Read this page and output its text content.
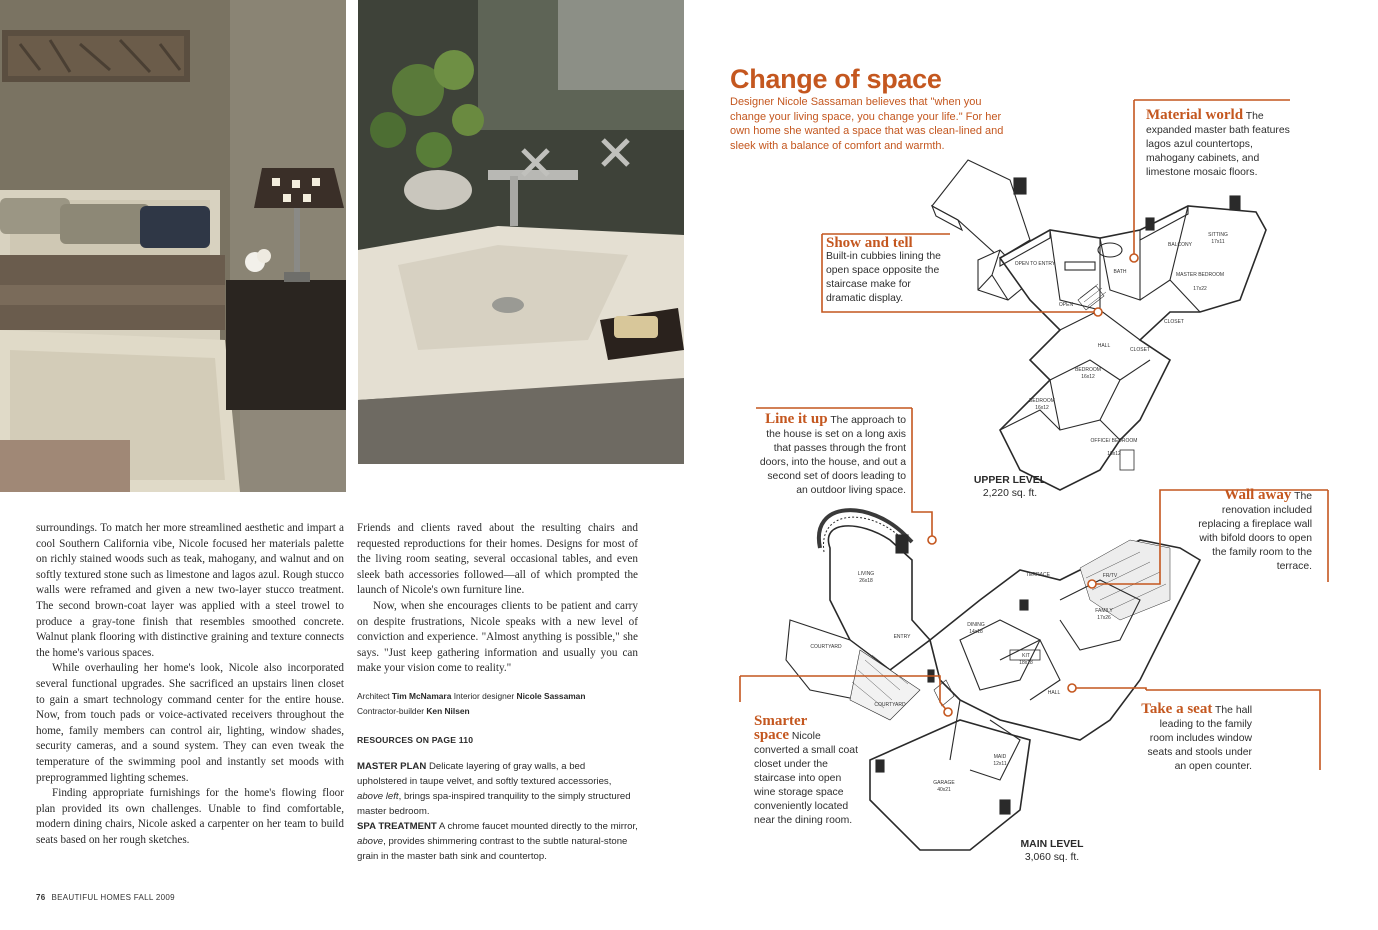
surroundings. To match her more streamlined aesthetic and impart a cool Southern California vibe, Nicole focused her materials palette on richly stained woods such as teak, mahogany, and walnut and on softly textured stone such as limestone and lagos azul. Rough stucco walls were reframed and given a new two-layer stucco treatment. The second brown-coat layer was applied with a steel trowel to produce a gray-tone finish that resembles smoothed concrete. Walnut plank flooring with distinctive graining and texture connects the home's various spaces.

While overhauling her home's look, Nicole also incorporated several functional upgrades. She sacrificed an upstairs linen closet to gain a smart technology command center for the entire house. Now, from touch pads or voice-activated receivers throughout the home, family members can control air, lighting, window shades, security cameras, and a sound system. They can even tweak the temperature of the swimming pool and instantly set moods with preprogrammed lighting schemes.

Finding appropriate furnishings for the home's flowing floor plan provided its own challenges. Unable to find comfortable, modern dining chairs, Nicole asked a carpenter on her team to build seats based on her rough sketches.

Friends and clients raved about the resulting chairs and requested reproductions for their homes. Designs for most of the living room seating, several occasional tables, and even sleek bath accessories followed—all of which prompted the launch of Nicole's own furniture line.

Now, when she encourages clients to be patient and carry on despite frustrations, Nicole speaks with a new level of conviction and experience. "Almost anything is possible," she says. "Just keep gathering information and usually you can make your vision come to reality."

Architect Tim McNamara Interior designer Nicole Sassaman
Contractor-builder Ken Nilsen
RESOURCES ON PAGE 110
MASTER PLAN Delicate layering of gray walls, a bed upholstered in taupe velvet, and softly textured accessories, above left, brings spa-inspired tranquility to the simply structured master bedroom.
SPA TREATMENT A chrome faucet mounted directly to the mirror, above, provides shimmering contrast to the subtle natural-stone grain in the master bath sink and countertop.
76 BEAUTIFUL HOMES FALL 2009
Change of space
Designer Nicole Sassaman believes that "when you change your living space, you change your life." For her own home she wanted a space that was clean-lined and sleek with a balance of comfort and warmth.
SITTING
17x11
BALCONY
BATH
OPEN TO ENTRY
MASTER BEDROOM
17x22
OPEN
CLOSET
HALL
CLOSET
BEDROOM
16x12
BEDROOM
16x12
OFFICE/ BEDROOM
16x12
LIVING
26x18
TERRACE	FR/TV
FAMILY
17x26
DINING
14x18
KIT
18x18
COURTYARD
ENTRY
HALL
COURTYARD
MAID
12x11
GARAGE
40x21
Material world The expanded master bath features lagos azul countertops, mahogany cabinets, and limestone mosaic floors.
Show and tell
Built-in cubbies lining the open space opposite the staircase make for dramatic display.
Line it up The approach to the house is set on a long axis that passes through the front doors, into the house, and out a second set of doors leading to an outdoor living space.	Wall away The renovation included replacing a fireplace wall with bifold doors to open the family room to the terrace.
Take a seat The hall leading to the family room includes window seats and stools under an open counter.
Smarter
space Nicole converted a small coat closet under the staircase into open wine storage space conveniently located near the dining room.
UPPER LEVEL
2,220 sq. ft.
MAIN LEVEL
3,060 sq. ft.
